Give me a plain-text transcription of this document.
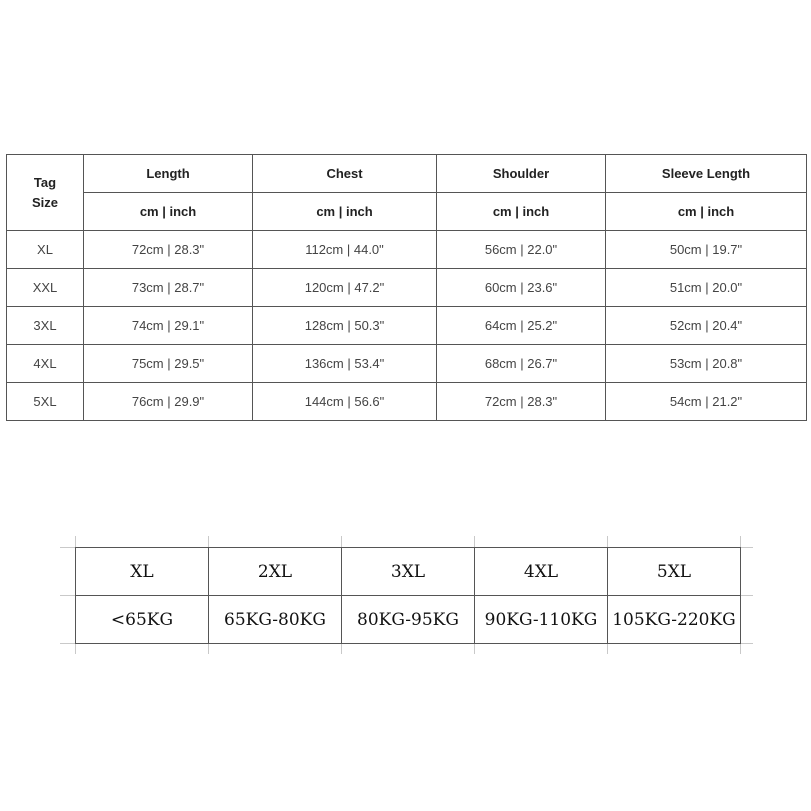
Tag
Size	Length	Chest	Shoulder	Sleeve Length
	cm | inch	cm | inch	cm | inch	cm | inch
XL	72cm | 28.3"	112cm | 44.0"	56cm | 22.0"	50cm | 19.7"
XXL	73cm | 28.7"	120cm | 47.2"	60cm | 23.6"	51cm | 20.0"
3XL	74cm | 29.1"	128cm | 50.3"	64cm | 25.2"	52cm | 20.4"
4XL	75cm | 29.5"	136cm | 53.4"	68cm | 26.7"	53cm | 20.8"
5XL	76cm | 29.9"	144cm | 56.6"	72cm | 28.3"	54cm | 21.2"
XL	2XL	3XL	4XL	5XL
<65KG	65KG-80KG	80KG-95KG	90KG-110KG	105KG-220KG
